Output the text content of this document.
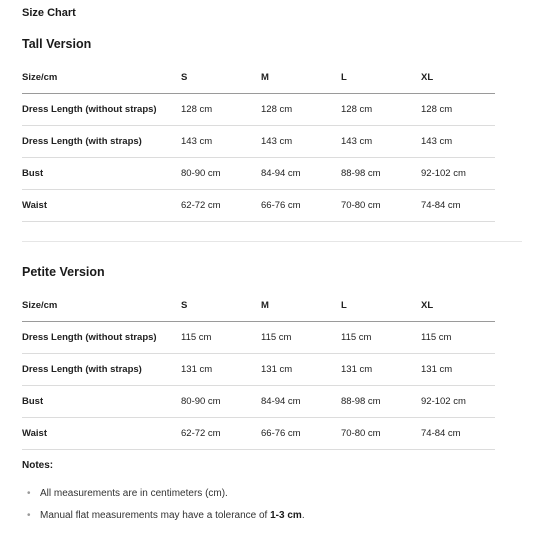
Size Chart
Tall Version
Size/cm	S	M	L	XL
Dress Length (without straps)	128 cm	128 cm	128 cm	128 cm
Dress Length (with straps)	143 cm	143 cm	143 cm	143 cm
Bust	80-90 cm	84-94 cm	88-98 cm	92-102 cm
Waist	62-72 cm	66-76 cm	70-80 cm	74-84 cm
Petite Version
Size/cm	S	M	L	XL
Dress Length (without straps)	115 cm	115 cm	115 cm	115 cm
Dress Length (with straps)	131 cm	131 cm	131 cm	131 cm
Bust	80-90 cm	84-94 cm	88-98 cm	92-102 cm
Waist	62-72 cm	66-76 cm	70-80 cm	74-84 cm
Notes:
• All measurements are in centimeters (cm).
• Manual flat measurements may have a tolerance of 1-3 cm.
